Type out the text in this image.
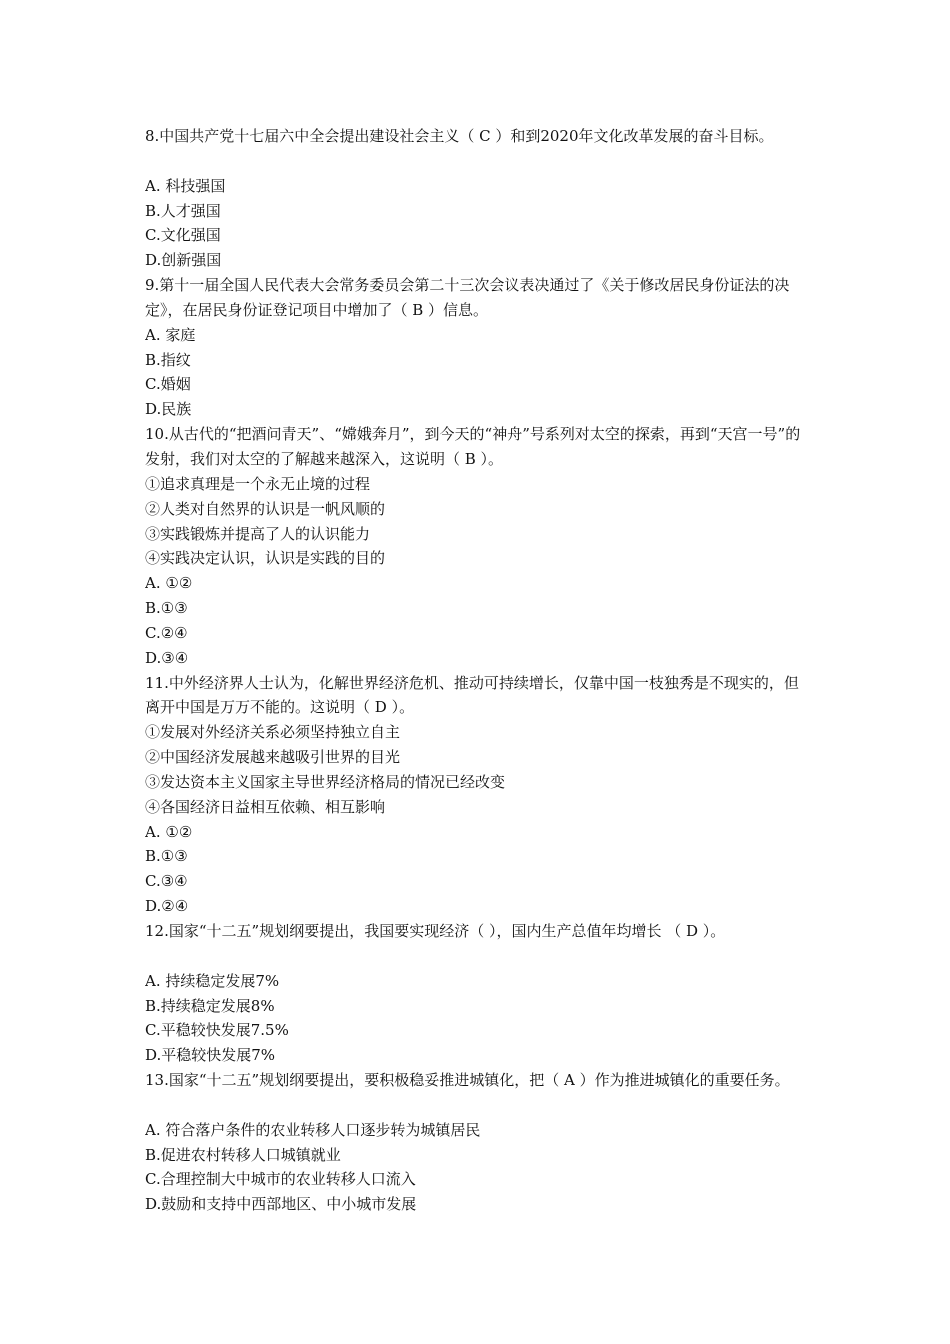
8.中国共产党十七届六中全会提出建设社会主义（ C ）和到2020年文化改革发展的奋斗目标。
A. 科技强国
B.人才强国
C.文化强国
D.创新强国
9.第十一届全国人民代表大会常务委员会第二十三次会议表决通过了《关于修改居民身份证法的决定》，在居民身份证登记项目中增加了（ B ）信息。
A. 家庭
B.指纹
C.婚姻
D.民族
10.从古代的“把酒问青天”、“嫦娥奔月”，到今天的“神舟”号系列对太空的探索，再到“天宫一号”的发射，我们对太空的了解越来越深入，这说明（ B ）。
①追求真理是一个永无止境的过程
②人类对自然界的认识是一帆风顺的
③实践锻炼并提高了人的认识能力
④实践决定认识，认识是实践的目的
A. ①②
B.①③
C.②④
D.③④
11.中外经济界人士认为，化解世界经济危机、推动可持续增长，仅靠中国一枝独秀是不现实的，但离开中国是万万不能的。这说明（ D ）。
①发展对外经济关系必须坚持独立自主
②中国经济发展越来越吸引世界的目光
③发达资本主义国家主导世界经济格局的情况已经改变
④各国经济日益相互依赖、相互影响
A. ①②
B.①③
C.③④
D.②④
12.国家“十二五”规划纲要提出，我国要实现经济（ ），国内生产总值年均增长 （ D ）。
A. 持续稳定发展7%
B.持续稳定发展8%
C.平稳较快发展7.5%
D.平稳较快发展7%
13.国家“十二五”规划纲要提出，要积极稳妥推进城镇化，把（ A ）作为推进城镇化的重要任务。
A. 符合落户条件的农业转移人口逐步转为城镇居民
B.促进农村转移人口城镇就业
C.合理控制大中城市的农业转移人口流入
D.鼓励和支持中西部地区、中小城市发展
